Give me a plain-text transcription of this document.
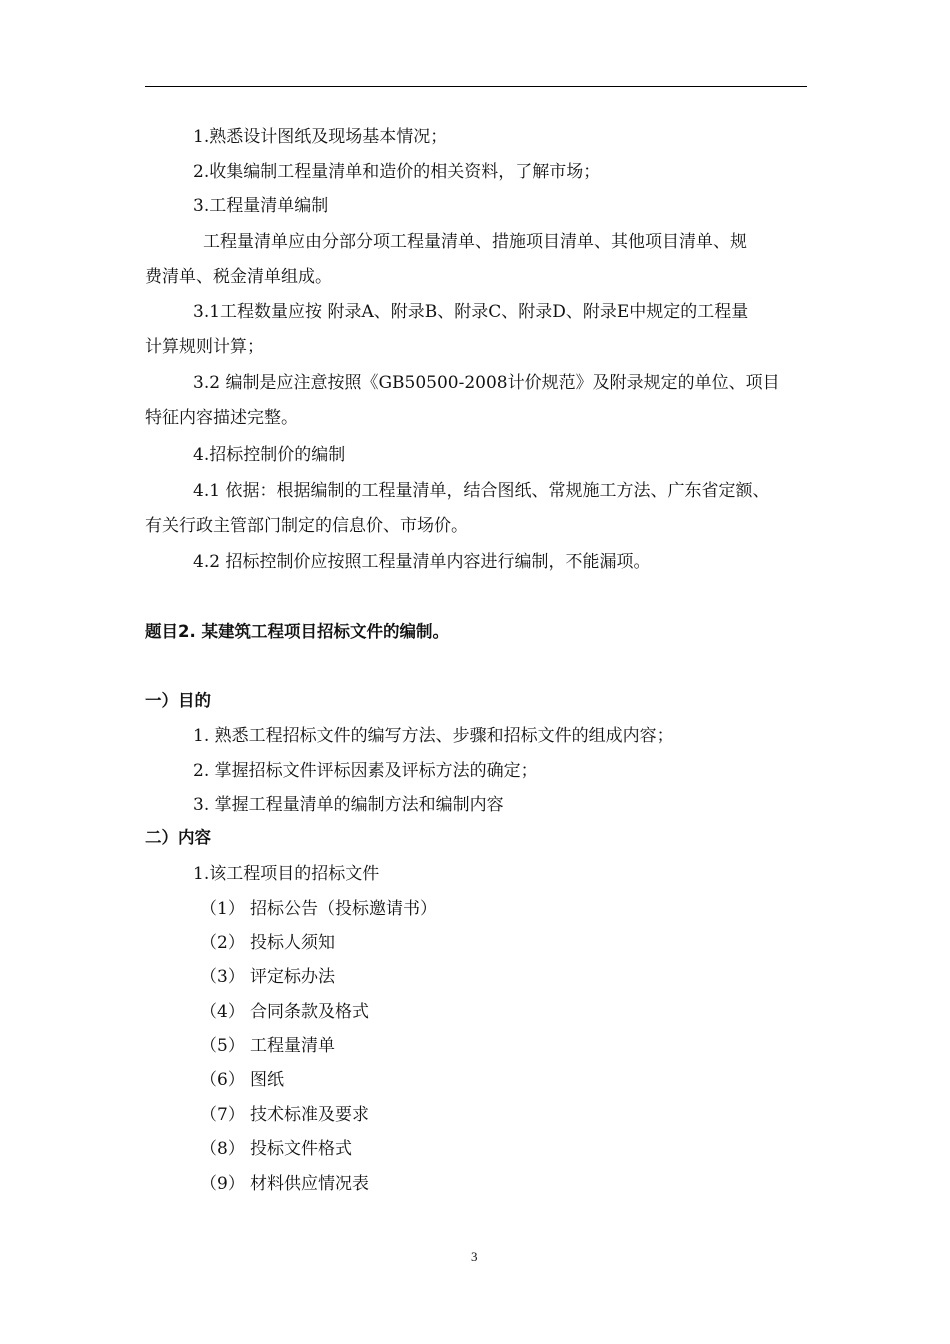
1.熟悉设计图纸及现场基本情况；
2.收集编制工程量清单和造价的相关资料，了解市场；
3.工程量清单编制
工程量清单应由分部分项工程量清单、措施项目清单、其他项目清单、规
费清单、税金清单组成。
3.1工程数量应按 附录A、附录B、附录C、附录D、附录E中规定的工程量
计算规则计算；
3.2 编制是应注意按照《GB50500-2008计价规范》及附录规定的单位、项目
特征内容描述完整。
4.招标控制价的编制
4.1 依据：根据编制的工程量清单，结合图纸、常规施工方法、广东省定额、
有关行政主管部门制定的信息价、市场价。
4.2 招标控制价应按照工程量清单内容进行编制，不能漏项。
题目2. 某建筑工程项目招标文件的编制。
一）目的
1. 熟悉工程招标文件的编写方法、步骤和招标文件的组成内容；
2. 掌握招标文件评标因素及评标方法的确定；
3. 掌握工程量清单的编制方法和编制内容
二）内容
1.该工程项目的招标文件
（1） 招标公告（投标邀请书）
（2） 投标人须知
（3） 评定标办法
（4） 合同条款及格式
（5） 工程量清单
（6） 图纸
（7） 技术标准及要求
（8） 投标文件格式
（9） 材料供应情况表
3
